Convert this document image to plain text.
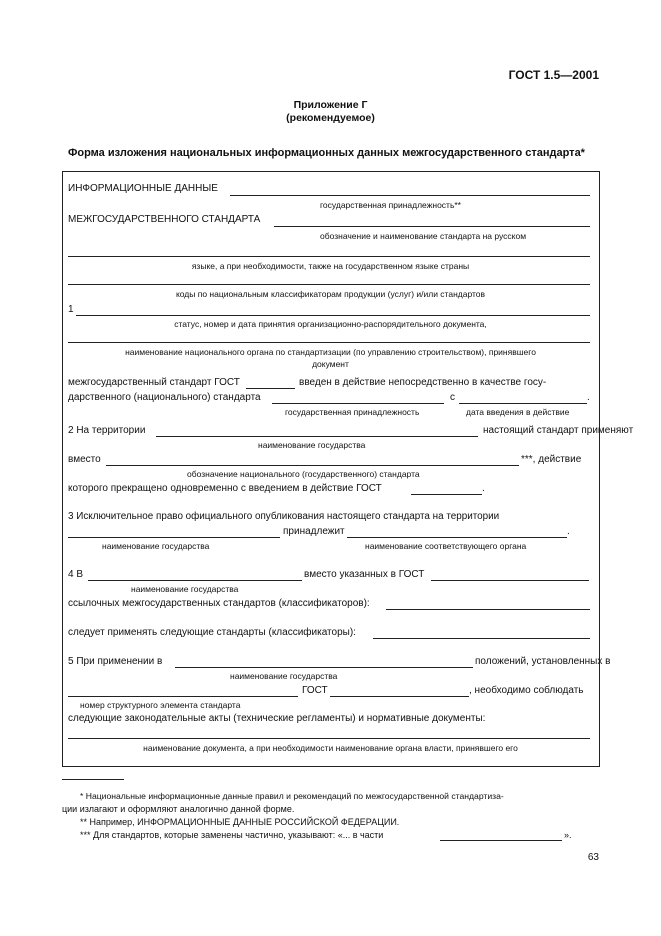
ГОСТ 1.5—2001
Приложение Г
(рекомендуемое)
Форма изложения национальных информационных данных межгосударственного стандарта*
ИНФОРМАЦИОННЫЕ ДАННЫЕ
государственная принадлежность**
МЕЖГОСУДАРСТВЕННОГО СТАНДАРТА
обозначение и наименование стандарта на русском
языке, а при необходимости, также на государственном языке страны
коды по национальным классификаторам продукции (услуг) и/или стандартов
1
статус, номер и дата принятия организационно-распорядительного документа,
наименование национального органа по стандартизации (по управлению строительством), принявшего
документ
межгосударственный стандарт ГОСТ	введен в действие непосредственно в качестве госу-
дарственного (национального) стандарта	с	.
государственная принадлежность	дата введения в действие
2 На территории	настоящий стандарт применяют
наименование государства
вместо	***, действие
обозначение национального (государственного) стандарта
которого прекращено одновременно с введением в действие ГОСТ	.
3 Исключительное право официального опубликования настоящего стандарта на территории
принадлежит	.
наименование государства	наименование соответствующего органа
4 В	вместо указанных в ГОСТ
наименование государства
ссылочных межгосударственных стандартов (классификаторов):
следует применять следующие стандарты (классификаторы):
5 При применении в	положений, установленных в
наименование государства
ГОСТ	, необходимо соблюдать
номер структурного элемента стандарта
следующие законодательные акты (технические регламенты) и нормативные документы:
наименование документа, а при необходимости наименование органа власти, принявшего его
* Национальные информационные данные правил и рекомендаций по межгосударственной стандартиза-
ции излагают и оформляют аналогично данной форме.
** Например, ИНФОРМАЦИОННЫЕ ДАННЫЕ РОССИЙСКОЙ ФЕДЕРАЦИИ.
*** Для стандартов, которые заменены частично, указывают: «... в части	».
63
